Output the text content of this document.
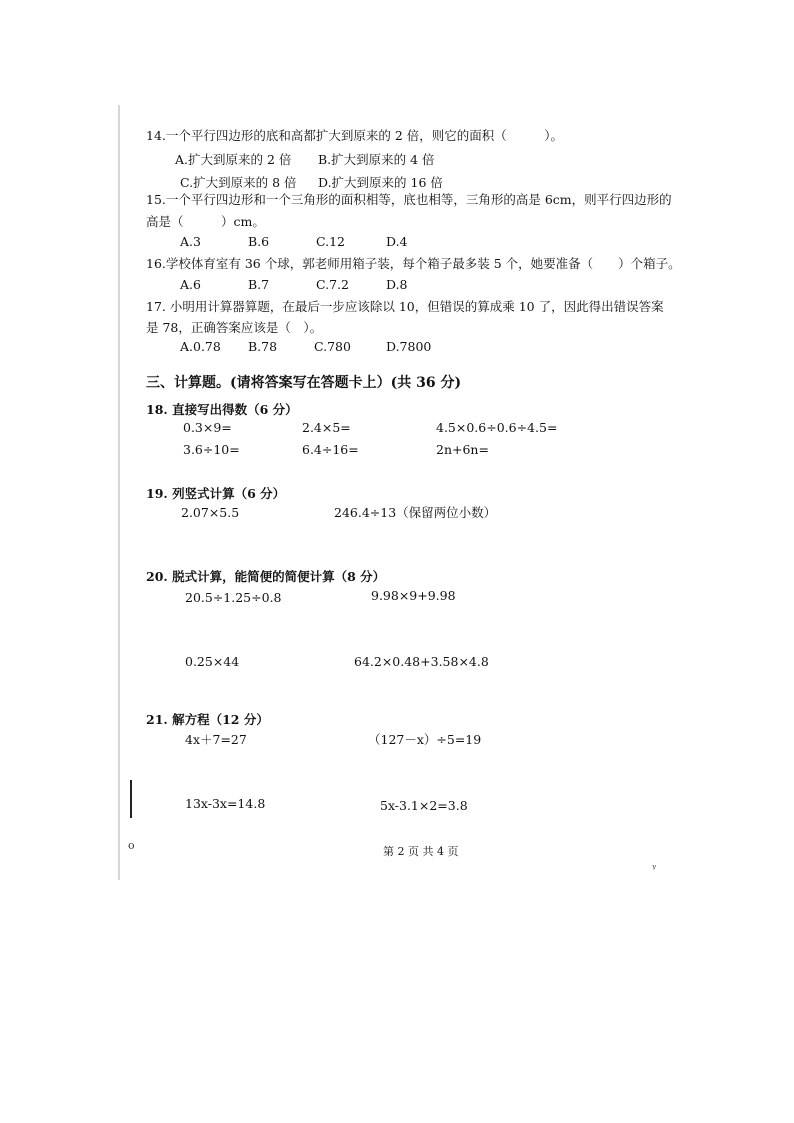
14.一个平行四边形的底和高都扩大到原来的 2 倍，则它的面积（　　　）。
A.扩大到原来的 2 倍 B.扩大到原来的 4 倍
C.扩大到原来的 8 倍 D.扩大到原来的 16 倍
15.一个平行四边形和一个三角形的面积相等，底也相等，三角形的高是 6cm，则平行四边形的
高是（　　　）cm。
A.3	B.6	C.12	D.4
16.学校体育室有 36 个球，郭老师用箱子装，每个箱子最多装 5 个，她要准备（　　）个箱子。
A.6	B.7	C.7.2	D.8
17. 小明用计算器算题，在最后一步应该除以 10，但错误的算成乘 10 了，因此得出错误答案
是 78，正确答案应该是（　）。
A.0.78 B.78	C.780	D.7800
三、计算题。(请将答案写在答题卡上）(共 36 分)
18. 直接写出得数（6 分）
0.3×9=	2.4×5=	4.5×0.6÷0.6÷4.5=
3.6÷10=	6.4÷16=	2n+6n=
19. 列竖式计算（6 分）
2.07×5.5	246.4÷13（保留两位小数）
20. 脱式计算，能简便的简便计算（8 分）
20.5÷1.25÷0.8	9.98×9+9.98
0.25×44	64.2×0.48+3.58×4.8
21. 解方程（12 分）
4x＋7=27	（127－x）÷5=19
13x-3x=14.8	5x-3.1×2=3.8
第 2 页 共 4 页
o
ᵞ
